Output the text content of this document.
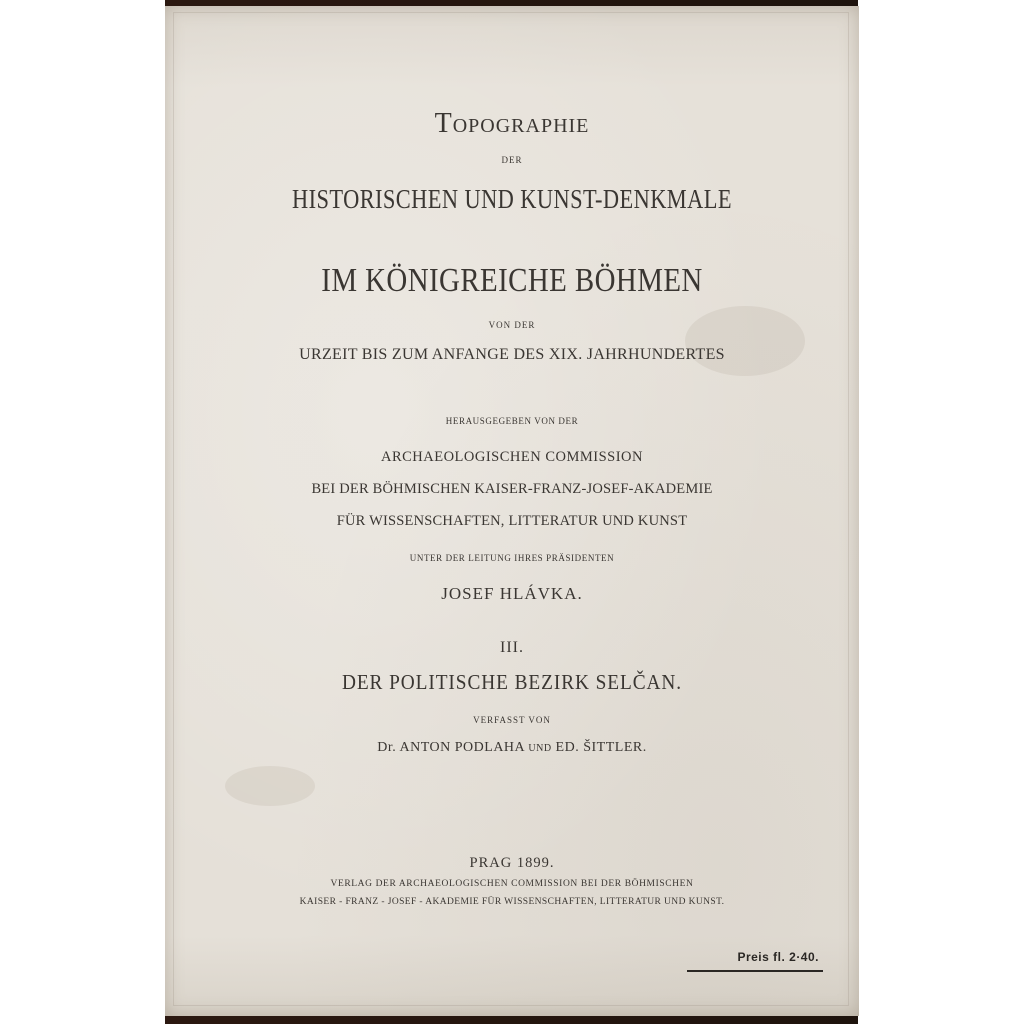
Topographie
DER
HISTORISCHEN UND KUNST-DENKMALE
IM KÖNIGREICHE BÖHMEN
VON DER
URZEIT BIS ZUM ANFANGE DES XIX. JAHRHUNDERTES
HERAUSGEGEBEN VON DER
ARCHAEOLOGISCHEN COMMISSION
BEI DER BÖHMISCHEN KAISER-FRANZ-JOSEF-AKADEMIE
FÜR WISSENSCHAFTEN, LITTERATUR UND KUNST
UNTER DER LEITUNG IHRES PRÄSIDENTEN
JOSEF HLÁVKA.
III.
DER POLITISCHE BEZIRK SELČAN.
VERFASST VON
Dr. ANTON PODLAHA UND ED. ŠITTLER.
PRAG 1899.
VERLAG DER ARCHAEOLOGISCHEN COMMISSION BEI DER BÖHMISCHEN
KAISER - FRANZ - JOSEF - AKADEMIE FÜR WISSENSCHAFTEN, LITTERATUR UND KUNST.
Preis fl. 2·40.
